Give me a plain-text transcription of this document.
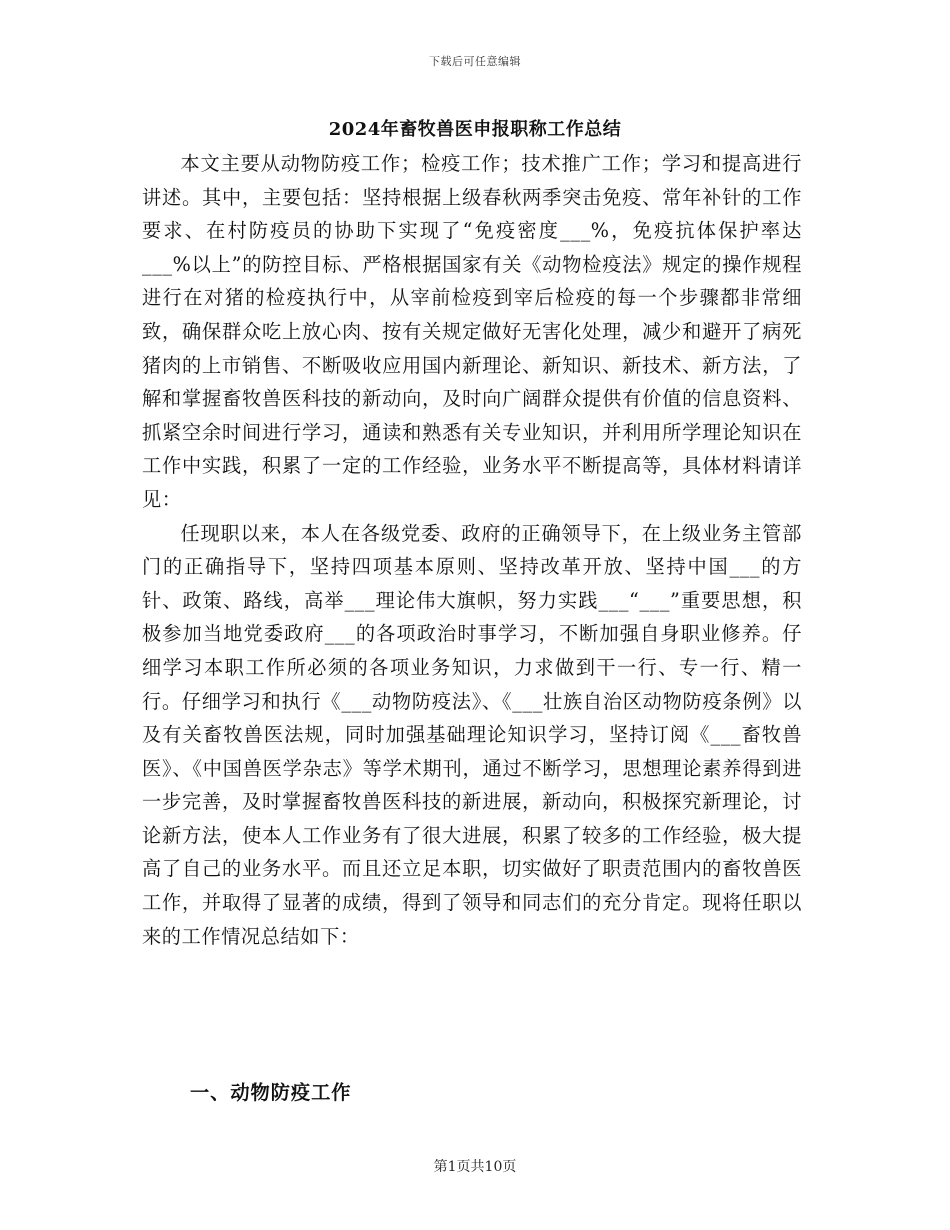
下载后可任意编辑
2024年畜牧兽医申报职称工作总结

本文主要从动物防疫工作；检疫工作；技术推广工作；学习和提高进行讲述。其中，主要包括：坚持根据上级春秋两季突击免疫、常年补针的工作要求、在村防疫员的协助下实现了“免疫密度___%，免疫抗体保护率达___%以上”的防控目标、严格根据国家有关《动物检疫法》规定的操作规程进行在对猪的检疫执行中，从宰前检疫到宰后检疫的每一个步骤都非常细致，确保群众吃上放心肉、按有关规定做好无害化处理，减少和避开了病死猪肉的上市销售、不断吸收应用国内新理论、新知识、新技术、新方法，了解和掌握畜牧兽医科技的新动向，及时向广阔群众提供有价值的信息资料、抓紧空余时间进行学习，通读和熟悉有关专业知识，并利用所学理论知识在工作中实践，积累了一定的工作经验，业务水平不断提高等，具体材料请详见：

任现职以来，本人在各级党委、政府的正确领导下，在上级业务主管部门的正确指导下，坚持四项基本原则、坚持改革开放、坚持中国___的方针、政策、路线，高举___理论伟大旗帜，努力实践___“___”重要思想，积极参加当地党委政府___的各项政治时事学习，不断加强自身职业修养。仔细学习本职工作所必须的各项业务知识，力求做到干一行、专一行、精一行。仔细学习和执行《___动物防疫法》、《___壮族自治区动物防疫条例》以及有关畜牧兽医法规，同时加强基础理论知识学习，坚持订阅《___畜牧兽医》、《中国兽医学杂志》等学术期刊，通过不断学习，思想理论素养得到进一步完善，及时掌握畜牧兽医科技的新进展，新动向，积极探究新理论，讨论新方法，使本人工作业务有了很大进展，积累了较多的工作经验，极大提高了自己的业务水平。而且还立足本职，切实做好了职责范围内的畜牧兽医工作，并取得了显著的成绩，得到了领导和同志们的充分肯定。现将任职以来的工作情况总结如下：

一、动物防疫工作
第1页共10页
